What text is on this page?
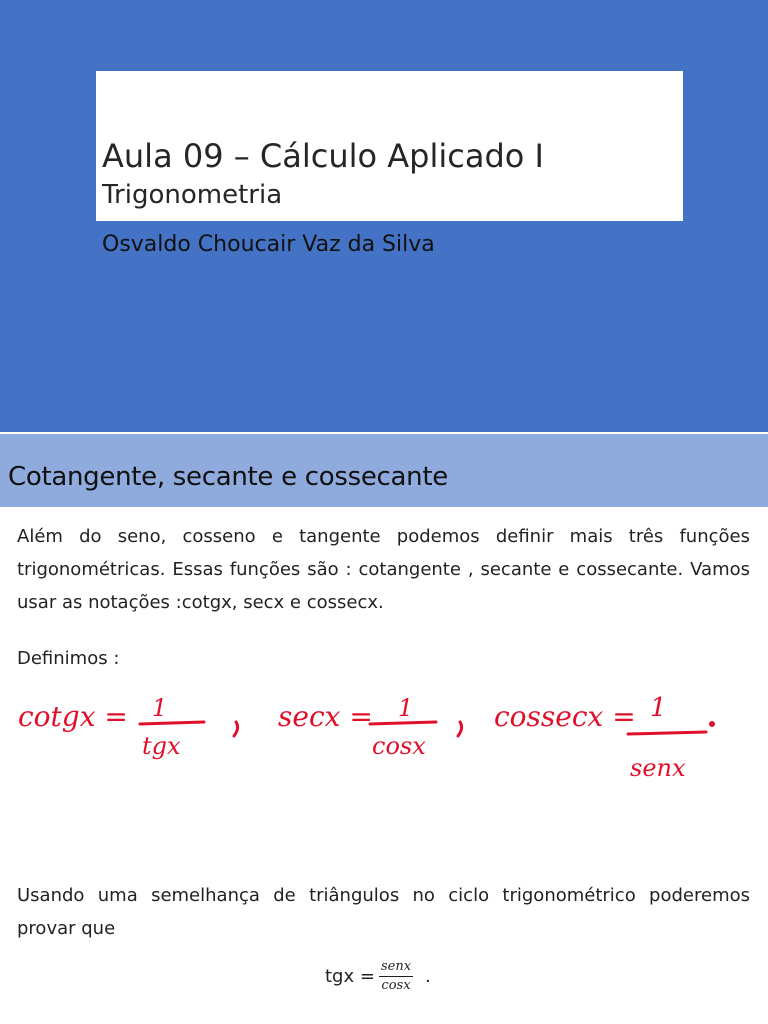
Aula 09 – Cálculo Aplicado I
Trigonometria
Osvaldo Choucair Vaz da Silva
Cotangente, secante e cossecante
Além do seno, cosseno e tangente podemos definir mais três funções trigonométricas. Essas funções são : cotangente , secante e cossecante. Vamos usar as notações :cotgx, secx e cossecx.
Definimos :
cotgx = 1
tgx
secx = 1
cosx
cossecx = 1
senx
Usando uma semelhança de triângulos no ciclo trigonométrico poderemos provar que
tgx = $\frac{\text{senx}}{\cos x}$ .
